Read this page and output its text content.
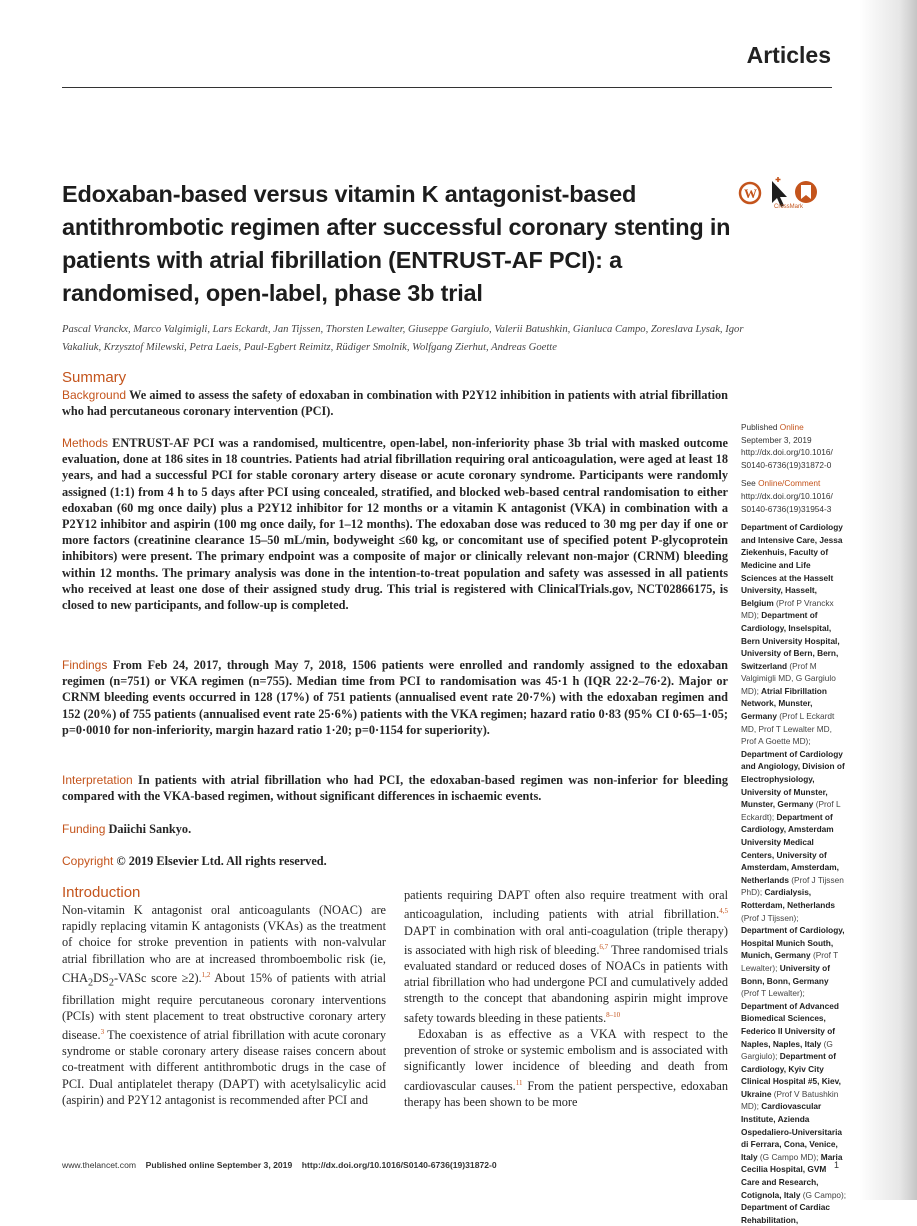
Articles
Edoxaban-based versus vitamin K antagonist-based antithrombotic regimen after successful coronary stenting in patients with atrial fibrillation (ENTRUST-AF PCI): a randomised, open-label, phase 3b trial
W
CrossMark
Pascal Vranckx, Marco Valgimigli, Lars Eckardt, Jan Tijssen, Thorsten Lewalter, Giuseppe Gargiulo, Valerii Batushkin, Gianluca Campo, Zoreslava Lysak, Igor Vakaliuk, Krzysztof Milewski, Petra Laeis, Paul-Egbert Reimitz, Rüdiger Smolnik, Wolfgang Zierhut, Andreas Goette
Summary
Background We aimed to assess the safety of edoxaban in combination with P2Y12 inhibition in patients with atrial fibrillation who had percutaneous coronary intervention (PCI).
Methods ENTRUST-AF PCI was a randomised, multicentre, open-label, non-inferiority phase 3b trial with masked outcome evaluation, done at 186 sites in 18 countries. Patients had atrial fibrillation requiring oral anticoagulation, were aged at least 18 years, and had a successful PCI for stable coronary artery disease or acute coronary syndrome. Participants were randomly assigned (1:1) from 4 h to 5 days after PCI using concealed, stratified, and blocked web-based central randomisation to either edoxaban (60 mg once daily) plus a P2Y12 inhibitor for 12 months or a vitamin K antagonist (VKA) in combination with a P2Y12 inhibitor and aspirin (100 mg once daily, for 1–12 months). The edoxaban dose was reduced to 30 mg per day if one or more factors (creatinine clearance 15–50 mL/min, bodyweight ≤60 kg, or concomitant use of specified potent P-glycoprotein inhibitors) were present. The primary endpoint was a composite of major or clinically relevant non-major (CRNM) bleeding within 12 months. The primary analysis was done in the intention-to-treat population and safety was assessed in all patients who received at least one dose of their assigned study drug. This trial is registered with ClinicalTrials.gov, NCT02866175, is closed to new participants, and follow-up is completed.
Findings From Feb 24, 2017, through May 7, 2018, 1506 patients were enrolled and randomly assigned to the edoxaban regimen (n=751) or VKA regimen (n=755). Median time from PCI to randomisation was 45·1 h (IQR 22·2–76·2). Major or CRNM bleeding events occurred in 128 (17%) of 751 patients (annualised event rate 20·7%) with the edoxaban regimen and 152 (20%) of 755 patients (annualised event rate 25·6%) patients with the VKA regimen; hazard ratio 0·83 (95% CI 0·65–1·05; p=0·0010 for non-inferiority, margin hazard ratio 1·20; p=0·1154 for superiority).
Interpretation In patients with atrial fibrillation who had PCI, the edoxaban-based regimen was non-inferior for bleeding compared with the VKA-based regimen, without significant differences in ischaemic events.
Funding Daiichi Sankyo.
Copyright © 2019 Elsevier Ltd. All rights reserved.
Published Online
September 3, 2019
http://dx.doi.org/10.1016/ S0140-6736(19)31872-0
See Online/Comment
http://dx.doi.org/10.1016/ S0140-6736(19)31954-3
Department of Cardiology and Intensive Care, Jessa Ziekenhuis, Faculty of Medicine and Life Sciences at the Hasselt University, Hasselt, Belgium (Prof P Vranckx MD); Department of Cardiology, Inselspital, Bern University Hospital, University of Bern, Bern, Switzerland (Prof M Valgimigli MD, G Gargiulo MD); Atrial Fibrillation Network, Munster, Germany (Prof L Eckardt MD, Prof T Lewalter MD, Prof A Goette MD); Department of Cardiology and Angiology, Division of Electrophysiology, University of Munster, Munster, Germany (Prof L Eckardt); Department of Cardiology, Amsterdam University Medical Centers, University of Amsterdam, Amsterdam, Netherlands (Prof J Tijssen PhD); Cardialysis, Rotterdam, Netherlands (Prof J Tijssen); Department of Cardiology, Hospital Munich South, Munich, Germany (Prof T Lewalter); University of Bonn, Bonn, Germany (Prof T Lewalter); Department of Advanced Biomedical Sciences, Federico II University of Naples, Naples, Italy (G Gargiulo); Department of Cardiology, Kyiv City Clinical Hospital #5, Kiev, Ukraine (Prof V Batushkin MD); Cardiovascular Institute, Azienda Ospedaliero-Universitaria di Ferrara, Cona, Venice, Italy (G Campo MD); Maria Cecilia Hospital, GVM Care and Research, Cotignola, Italy (G Campo); Department of Cardiac Rehabilitation,
Introduction

Non-vitamin K antagonist oral anticoagulants (NOAC) are rapidly replacing vitamin K antagonists (VKAs) as the treatment of choice for stroke prevention in patients with non-valvular atrial fibrillation who are at increased thromboembolic risk (ie, $CHA_2DS_2$-VASc score ≥2).$^{1,2}$ About 15% of patients with atrial fibrillation might require percutaneous coronary interventions (PCIs) with stent placement to treat obstructive coronary artery disease.$^3$ The coexistence of atrial fibrillation with acute coronary syndrome or stable coronary artery disease raises concern about co-treatment with different antithrombotic drugs in the case of PCI. Dual antiplatelet therapy (DAPT) with acetylsalicylic acid (aspirin) and P2Y12 antagonist is recommended after PCI and

patients requiring DAPT often also require treatment with oral anticoagulation, including patients with atrial fibrillation.$^{4,5}$ DAPT in combination with oral anti-coagulation (triple therapy) is associated with high risk of bleeding.$^{6,7}$ Three randomised trials evaluated standard or reduced doses of NOACs in patients with atrial fibrillation who had undergone PCI and cumulatively added strength to the concept that abandoning aspirin might improve safety towards bleeding in these patients.$^{8-10}$

Edoxaban is as effective as a VKA with respect to the prevention of stroke or systemic embolism and is associated with significantly lower incidence of bleeding and death from cardiovascular causes.$^{11}$ From the patient perspective, edoxaban therapy has been shown to be more

www.thelancet.com Published online September 3, 2019 http://dx.doi.org/10.1016/S0140-6736(19)31872-0	1
